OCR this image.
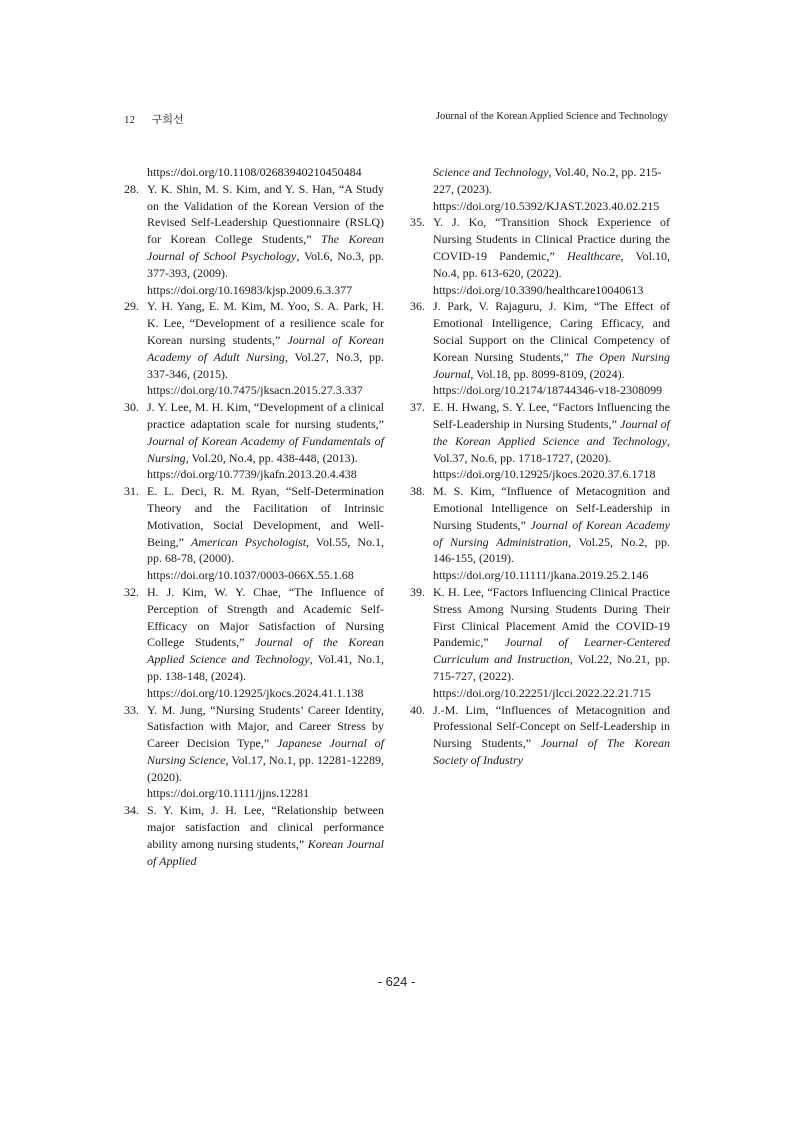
12 구희선	Journal of the Korean Applied Science and Technology
https://doi.org/10.1108/02683940210450484
28. Y. K. Shin, M. S. Kim, and Y. S. Han, “A Study on the Validation of the Korean Version of the Revised Self-Leadership Questionnaire (RSLQ) for Korean College Students,” The Korean Journal of School Psychology, Vol.6, No.3, pp. 377-393, (2009).
https://doi.org/10.16983/kjsp.2009.6.3.377
29. Y. H. Yang, E. M. Kim, M. Yoo, S. A. Park, H. K. Lee, “Development of a resilience scale for Korean nursing students,” Journal of Korean Academy of Adult Nursing, Vol.27, No.3, pp. 337-346, (2015).
https://doi.org/10.7475/jksacn.2015.27.3.337
30. J. Y. Lee, M. H. Kim, “Development of a clinical practice adaptation scale for nursing students,” Journal of Korean Academy of Fundamentals of Nursing, Vol.20, No.4, pp. 438-448, (2013).
https://doi.org/10.7739/jkafn.2013.20.4.438
31. E. L. Deci, R. M. Ryan, “Self-Determination Theory and the Facilitation of Intrinsic Motivation, Social Development, and Well-Being,” American Psychologist, Vol.55, No.1, pp. 68-78, (2000).
https://doi.org/10.1037/0003-066X.55.1.68
32. H. J. Kim, W. Y. Chae, “The Influence of Perception of Strength and Academic Self-Efficacy on Major Satisfaction of Nursing College Students,” Journal of the Korean Applied Science and Technology, Vol.41, No.1, pp. 138-148, (2024).
https://doi.org/10.12925/jkocs.2024.41.1.138
33. Y. M. Jung, “Nursing Students’ Career Identity, Satisfaction with Major, and Career Stress by Career Decision Type,” Japanese Journal of Nursing Science, Vol.17, No.1, pp. 12281-12289, (2020).
https://doi.org/10.1111/jjns.12281
34. S. Y. Kim, J. H. Lee, “Relationship between major satisfaction and clinical performance ability among nursing students,” Korean Journal of Applied
Science and Technology, Vol.40, No.2, pp. 215-227, (2023).
https://doi.org/10.5392/KJAST.2023.40.02.215
35. Y. J. Ko, “Transition Shock Experience of Nursing Students in Clinical Practice during the COVID-19 Pandemic,” Healthcare, Vol.10, No.4, pp. 613-620, (2022).
https://doi.org/10.3390/healthcare10040613
36. J. Park, V. Rajaguru, J. Kim, “The Effect of Emotional Intelligence, Caring Efficacy, and Social Support on the Clinical Competency of Korean Nursing Students,” The Open Nursing Journal, Vol.18, pp. 8099-8109, (2024).
https://doi.org/10.2174/18744346-v18-2308099
37. E. H. Hwang, S. Y. Lee, “Factors Influencing the Self-Leadership in Nursing Students,” Journal of the Korean Applied Science and Technology, Vol.37, No.6, pp. 1718-1727, (2020).
https://doi.org/10.12925/jkocs.2020.37.6.1718
38. M. S. Kim, “Influence of Metacognition and Emotional Intelligence on Self-Leadership in Nursing Students,” Journal of Korean Academy of Nursing Administration, Vol.25, No.2, pp. 146-155, (2019).
https://doi.org/10.11111/jkana.2019.25.2.146
39. K. H. Lee, “Factors Influencing Clinical Practice Stress Among Nursing Students During Their First Clinical Placement Amid the COVID-19 Pandemic,” Journal of Learner-Centered Curriculum and Instruction, Vol.22, No.21, pp. 715-727, (2022).
https://doi.org/10.22251/jlcci.2022.22.21.715
40. J.-M. Lim, “Influences of Metacognition and Professional Self-Concept on Self-Leadership in Nursing Students,” Journal of The Korean Society of Industry
- 624 -
